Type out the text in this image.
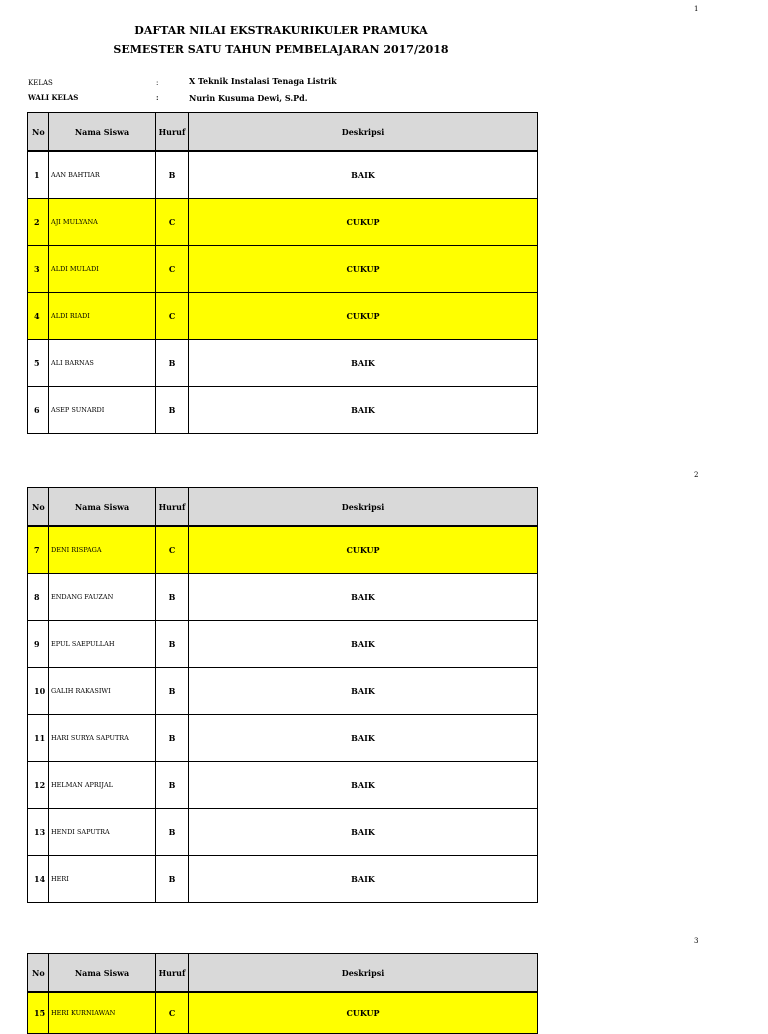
1
DAFTAR NILAI EKSTRAKURIKULER PRAMUKA
SEMESTER SATU TAHUN PEMBELAJARAN 2017/2018
KELAS	:	X Teknik Instalasi Tenaga Listrik
WALI KELAS	:	Nurin Kusuma Dewi, S.Pd.
No	Nama Siswa	Huruf	Deskripsi
1	AAN BAHTIAR	B	BAIK
2	AJI MULYANA	C	CUKUP
3	ALDI MULADI	C	CUKUP
4	ALDI RIADI	C	CUKUP
5	ALI BARNAS	B	BAIK
6	ASEP SUNARDI	B	BAIK
2
No	Nama Siswa	Huruf	Deskripsi
7	DENI RISPAGA	C	CUKUP
8	ENDANG FAUZAN	B	BAIK
9	EPUL SAEPULLAH	B	BAIK
10	GALIH RAKASIWI	B	BAIK
11	HARI SURYA SAPUTRA	B	BAIK
12	HELMAN APRIJAL	B	BAIK
13	HENDI SAPUTRA	B	BAIK
14	HERI	B	BAIK
3
No	Nama Siswa	Huruf	Deskripsi
15	HERI KURNIAWAN	C	CUKUP
